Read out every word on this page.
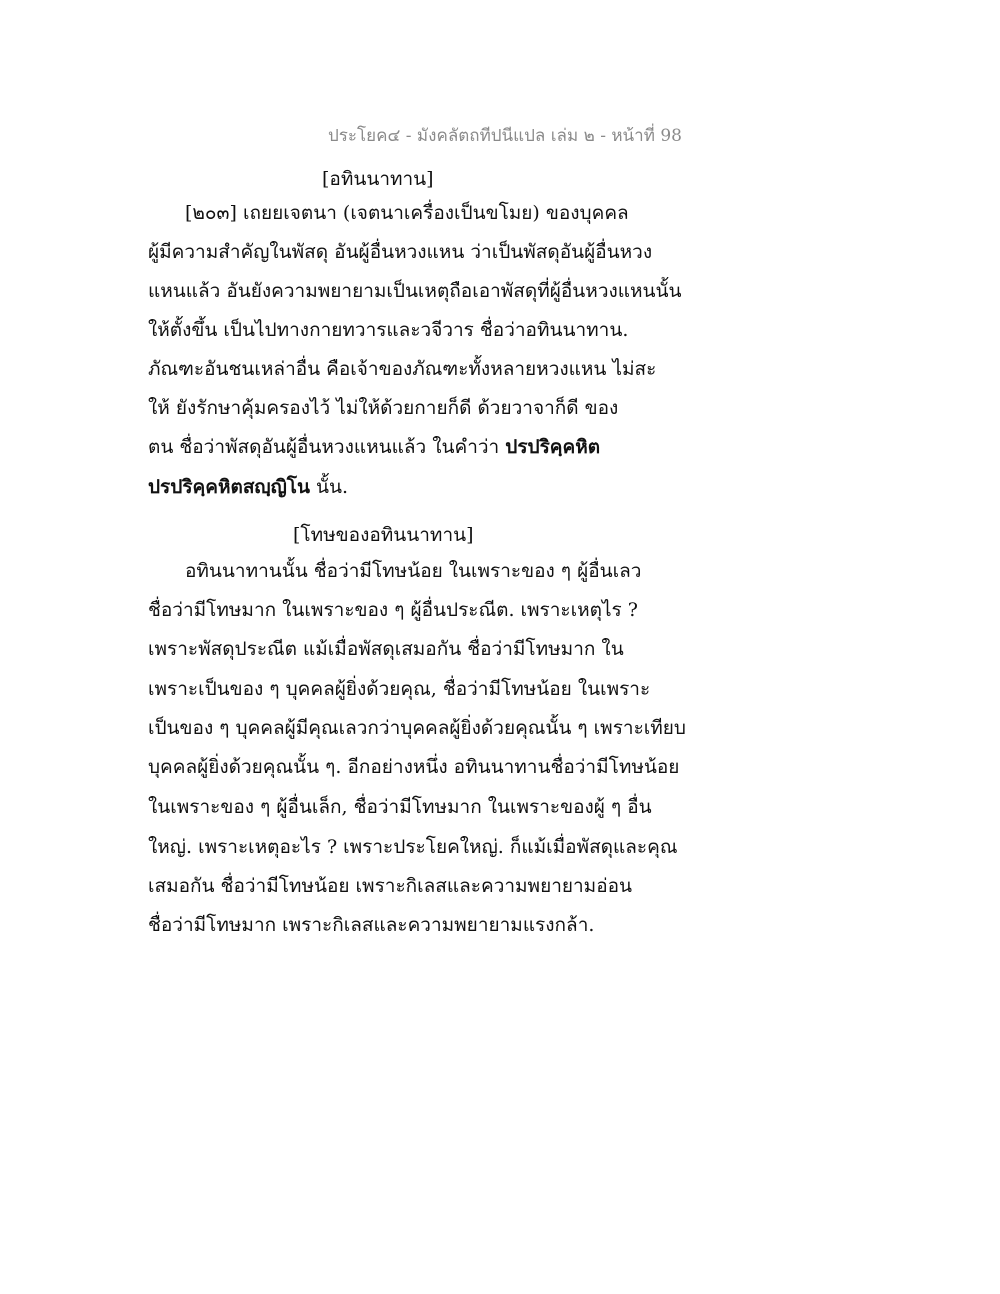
ประโยค๔ - มังคลัตถทีปนีแปล เล่ม ๒ - หน้าที่ 98
[อทินนาทาน]
[๒๐๓] เถยยเจตนา (เจตนาเครื่องเป็นขโมย) ของบุคคล
ผู้มีความสำคัญในพัสดุ อันผู้อื่นหวงแหน ว่าเป็นพัสดุอันผู้อื่นหวง
แหนแล้ว อันยังความพยายามเป็นเหตุถือเอาพัสดุที่ผู้อื่นหวงแหนนั้น
ให้ตั้งขึ้น เป็นไปทางกายทวารและวจีวาร ชื่อว่าอทินนาทาน.
ภัณฑะอันชนเหล่าอื่น คือเจ้าของภัณฑะทั้งหลายหวงแหน ไม่สะ
ให้ ยังรักษาคุ้มครองไว้ ไม่ให้ด้วยกายก็ดี ด้วยวาจาก็ดี ของ
ตน ชื่อว่าพัสดุอันผู้อื่นหวงแหนแล้ว ในคำว่า ปรปริคฺคหิต
ปรปริคฺคหิตสญฺญิโน นั้น.
[โทษของอทินนาทาน]
อทินนาทานนั้น ชื่อว่ามีโทษน้อย ในเพราะของ ๆ ผู้อื่นเลว
ชื่อว่ามีโทษมาก ในเพราะของ ๆ ผู้อื่นประณีต. เพราะเหตุไร ?
เพราะพัสดุประณีต แม้เมื่อพัสดุเสมอกัน ชื่อว่ามีโทษมาก ใน
เพราะเป็นของ ๆ บุคคลผู้ยิ่งด้วยคุณ, ชื่อว่ามีโทษน้อย ในเพราะ
เป็นของ ๆ บุคคลผู้มีคุณเลวกว่าบุคคลผู้ยิ่งด้วยคุณนั้น ๆ เพราะเทียบ
บุคคลผู้ยิ่งด้วยคุณนั้น ๆ. อีกอย่างหนึ่ง อทินนาทานชื่อว่ามีโทษน้อย
ในเพราะของ ๆ ผู้อื่นเล็ก, ชื่อว่ามีโทษมาก ในเพราะของผู้ ๆ อื่น
ใหญ่. เพราะเหตุอะไร ? เพราะประโยคใหญ่. ก็แม้เมื่อพัสดุและคุณ
เสมอกัน ชื่อว่ามีโทษน้อย เพราะกิเลสและความพยายามอ่อน
ชื่อว่ามีโทษมาก เพราะกิเลสและความพยายามแรงกล้า.
